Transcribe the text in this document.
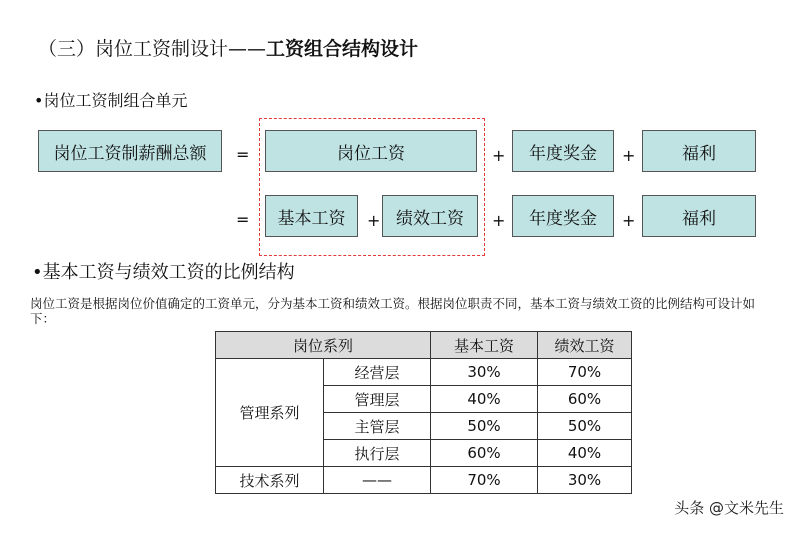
（三）岗位工资制设计——工资组合结构设计
•岗位工资制组合单元
岗位工资制薪酬总额	=	岗位工资	+	年度奖金	+	福利
=	基本工资	+ 绩效工资	+	年度奖金	+	福利
•基本工资与绩效工资的比例结构
岗位工资是根据岗位价值确定的工资单元，分为基本工资和绩效工资。根据岗位职责不同，基本工资与绩效工资的比例结构可设计如下：
岗位系列		基本工资	绩效工资
管理系列	经营层	30%	70%
	管理层	40%	60%
	主管层	50%	50%
	执行层	60%	40%
技术系列	——	70%	30%
头条 @文米先生
